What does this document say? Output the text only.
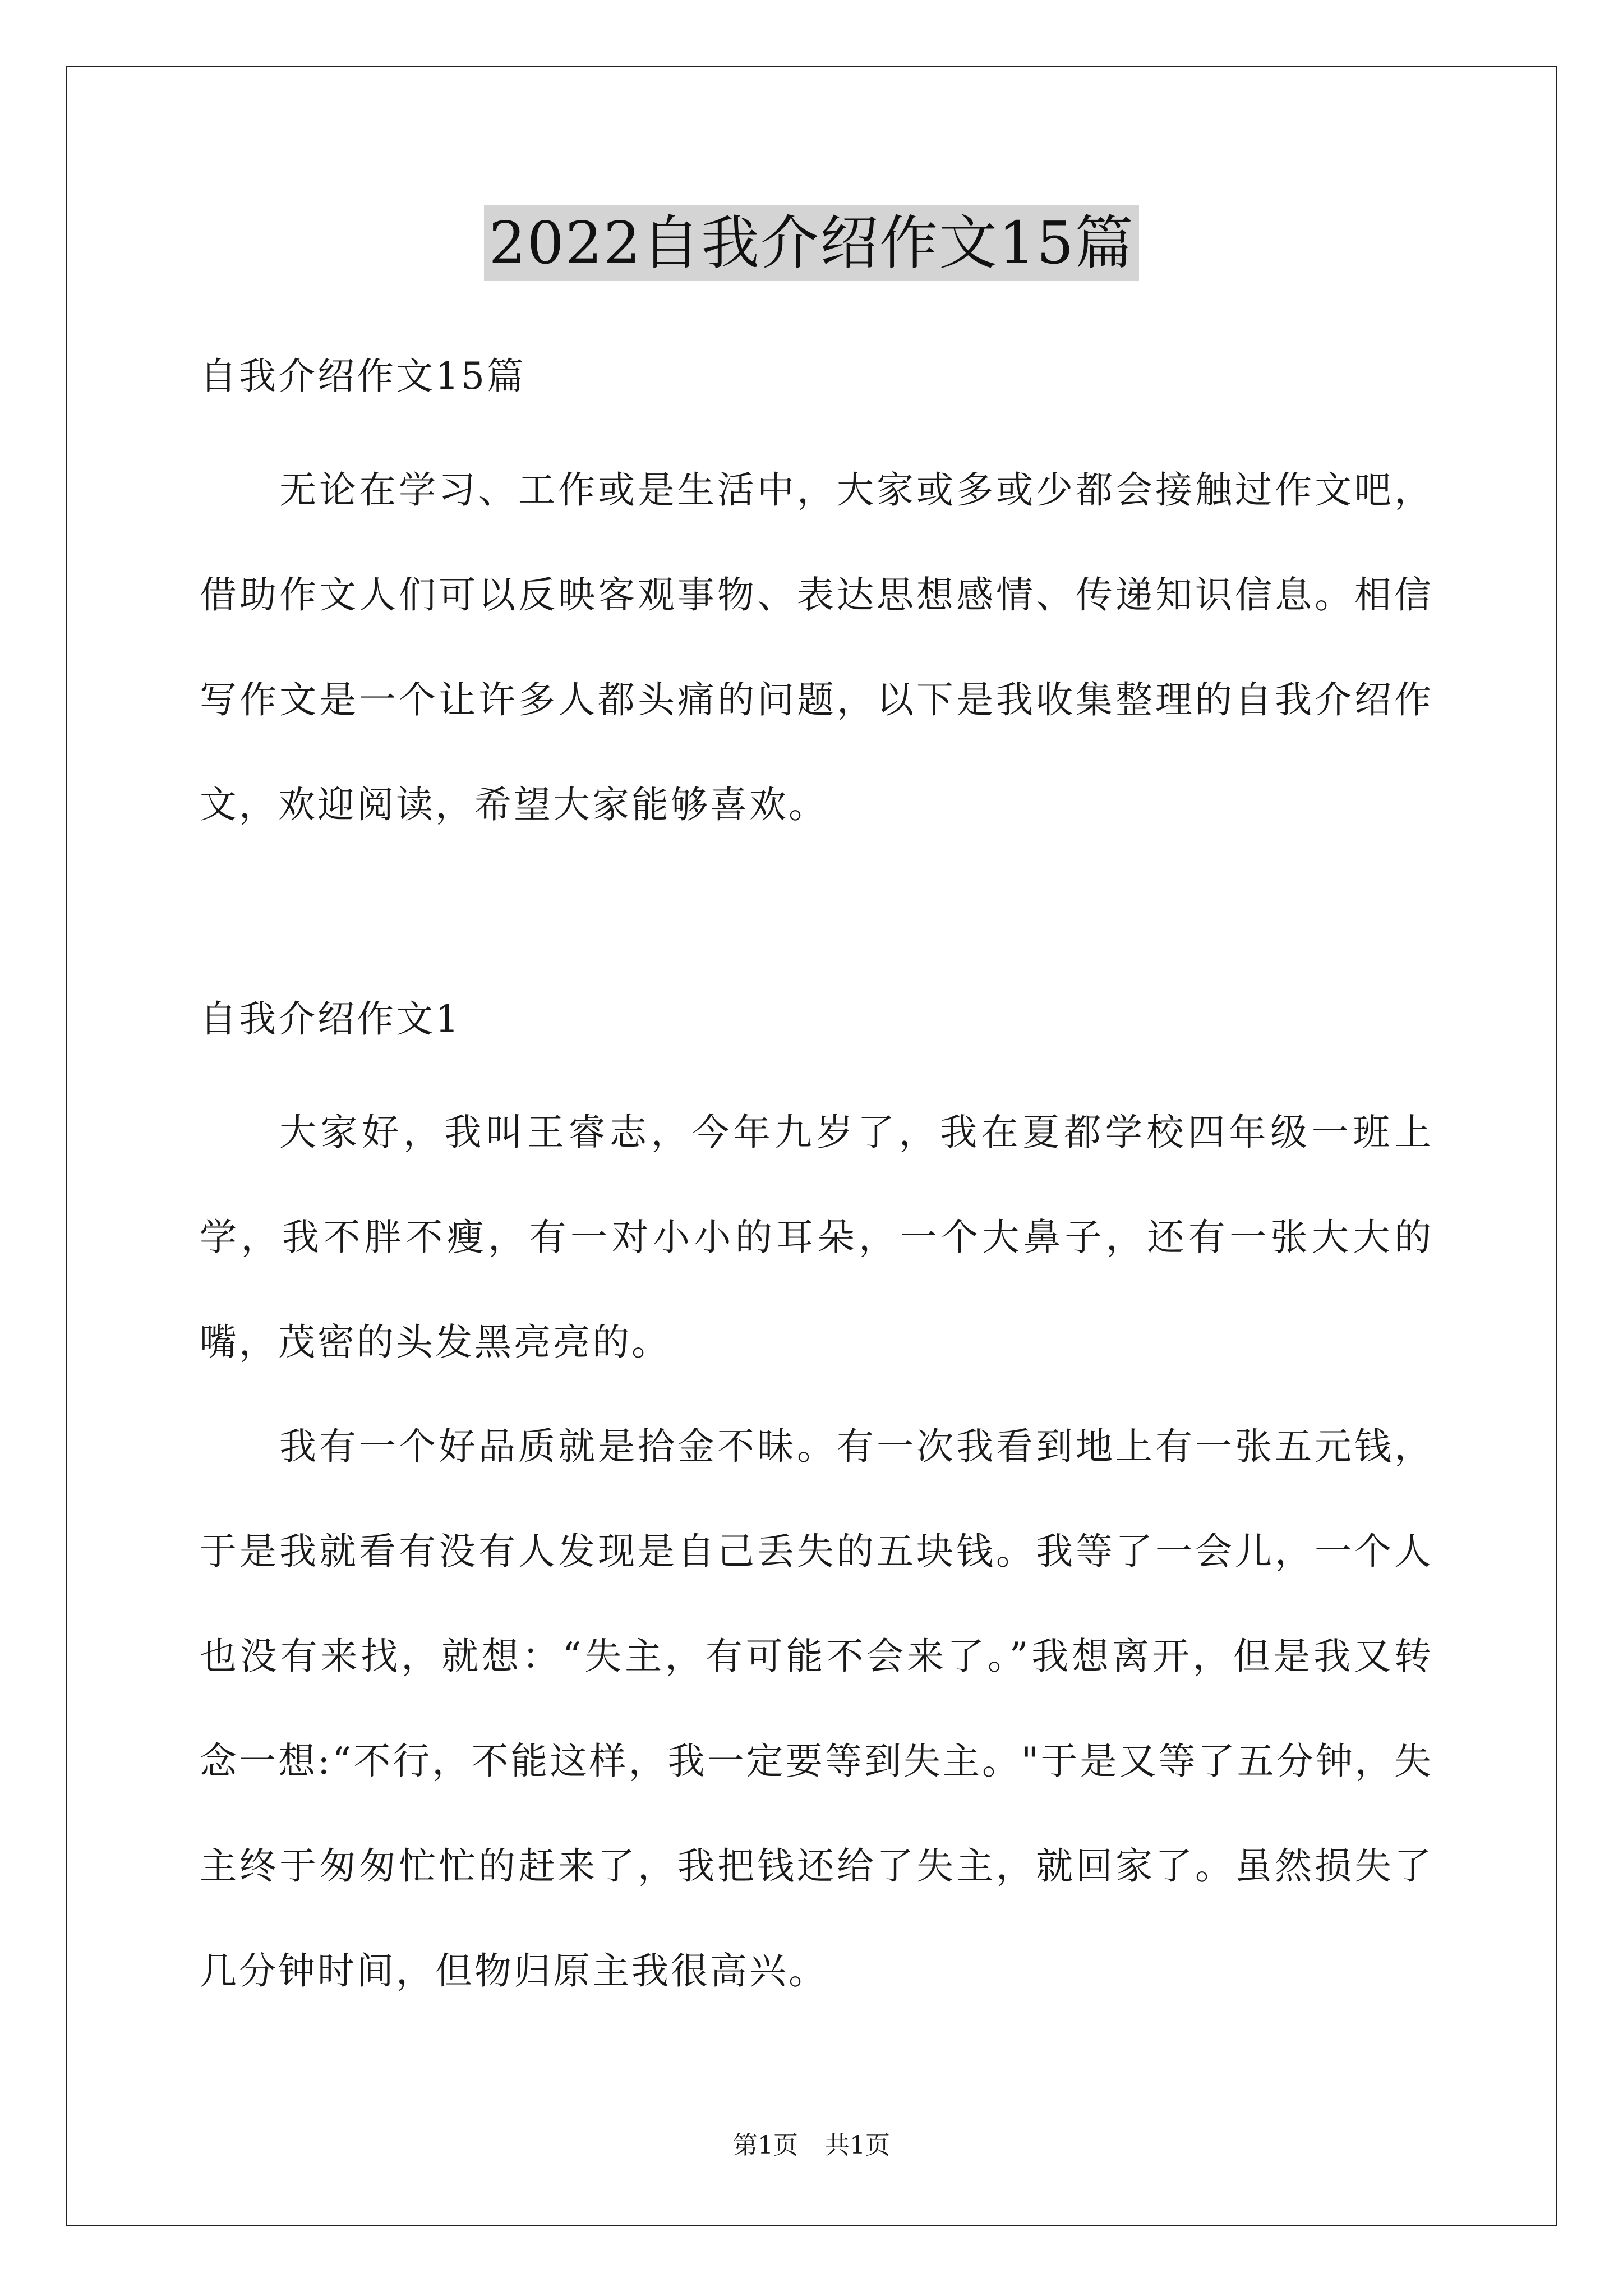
2022自我介绍作文15篇
自我介绍作文15篇
无论在学习、工作或是生活中，大家或多或少都会接触过作文吧，借助作文人们可以反映客观事物、表达思想感情、传递知识信息。相信写作文是一个让许多人都头痛的问题，以下是我收集整理的自我介绍作文，欢迎阅读，希望大家能够喜欢。
自我介绍作文1
大家好，我叫王睿志，今年九岁了，我在夏都学校四年级一班上学，我不胖不瘦，有一对小小的耳朵，一个大鼻子，还有一张大大的嘴，茂密的头发黑亮亮的。
我有一个好品质就是拾金不昧。有一次我看到地上有一张五元钱，于是我就看有没有人发现是自己丢失的五块钱。我等了一会儿，一个人也没有来找，就想：“失主，有可能不会来了。”我想离开，但是我又转念一想:“不行，不能这样，我一定要等到失主。"于是又等了五分钟，失主终于匆匆忙忙的赶来了，我把钱还给了失主，就回家了。虽然损失了几分钟时间，但物归原主我很高兴。
第1页 共1页
